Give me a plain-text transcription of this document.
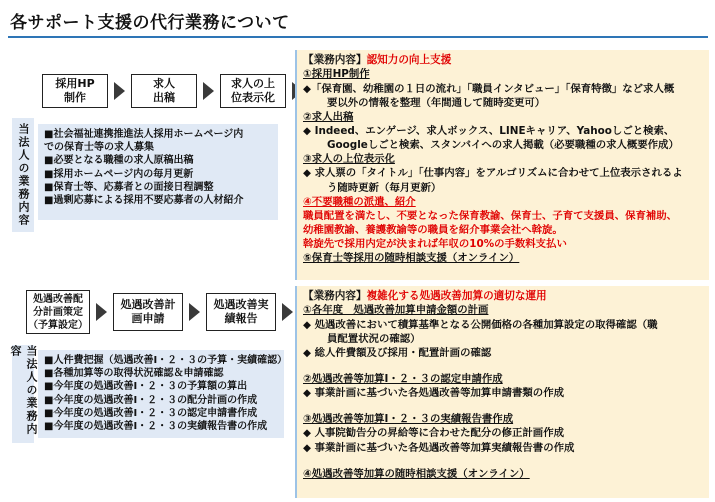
各サポート支援の代行業務について
採用HP
制作
求人
出稿
求人の上
位表示化
当法人の業務内容 ■社会福祉連携推進法人採用ホームページ内
での保育士等の求人募集
■必要となる職種の求人原稿出稿
■採用ホームページ内の毎月更新
■保育士等、応募者との面接日程調整
■過剰応募による採用不要応募者の人材紹介
【業務内容】認知力の向上支援
①採用HP制作
◆「保育園、幼稚園の１日の流れ」「職員インタビュー」「保育特徴」など求人概
要以外の情報を整理（年間通して随時変更可）
②求人出稿
◆ Indeed、エンゲージ、求人ボックス、LINEキャリア、Yahooしごと検索、
Googleしごと検索、スタンバイへの求人掲載（必要職種の求人概要作成）
③求人の上位表示化
◆ 求人票の「タイトル」「仕事内容」をアルゴリズムに合わせて上位表示されるよ
う随時更新（毎月更新）
④不要職種の派遣、紹介
職員配置を満たし、不要となった保育教諭、保育士、子育て支援員、保育補助、
幼稚園教諭、養護教諭等の職員を紹介事業会社へ斡旋。
斡旋先で採用内定が決まれば年収の10%の手数料支払い
⑤保育士等採用の随時相談支援（オンライン）
処遇改善配
分計画策定
（予算設定）
処遇改善計
画申請
処遇改善実
績報告
当法人の業務内容
■人件費把握（処遇改善Ⅰ・２・３の予算・実績確認）
■各種加算等の取得状況確認＆申請確認
■今年度の処遇改善Ⅰ・２・３の予算額の算出
■今年度の処遇改善Ⅰ・２・３の配分計画の作成
■今年度の処遇改善Ⅰ・２・３の認定申請書作成
■今年度の処遇改善Ⅰ・２・３の実績報告書の作成
【業務内容】複雑化する処遇改善加算の適切な運用
①各年度　処遇改善加算申請金額の計画
◆ 処遇改善において積算基準となる公開価格の各種加算設定の取得確認（職
員配置状況の確認）
◆ 総人件費額及び採用・配置計画の確認
②処遇改善等加算Ⅰ・２・３の認定申請作成
◆ 事業計画に基づいた各処遇改善等加算申請書類の作成
③処遇改善等加算Ⅰ・２・３の実績報告書作成
◆ 人事院勧告分の昇給等に合わせた配分の修正計画作成
◆ 事業計画に基づいた各処遇改善等加算実績報告書の作成
④処遇改善等加算の随時相談支援（オンライン）
